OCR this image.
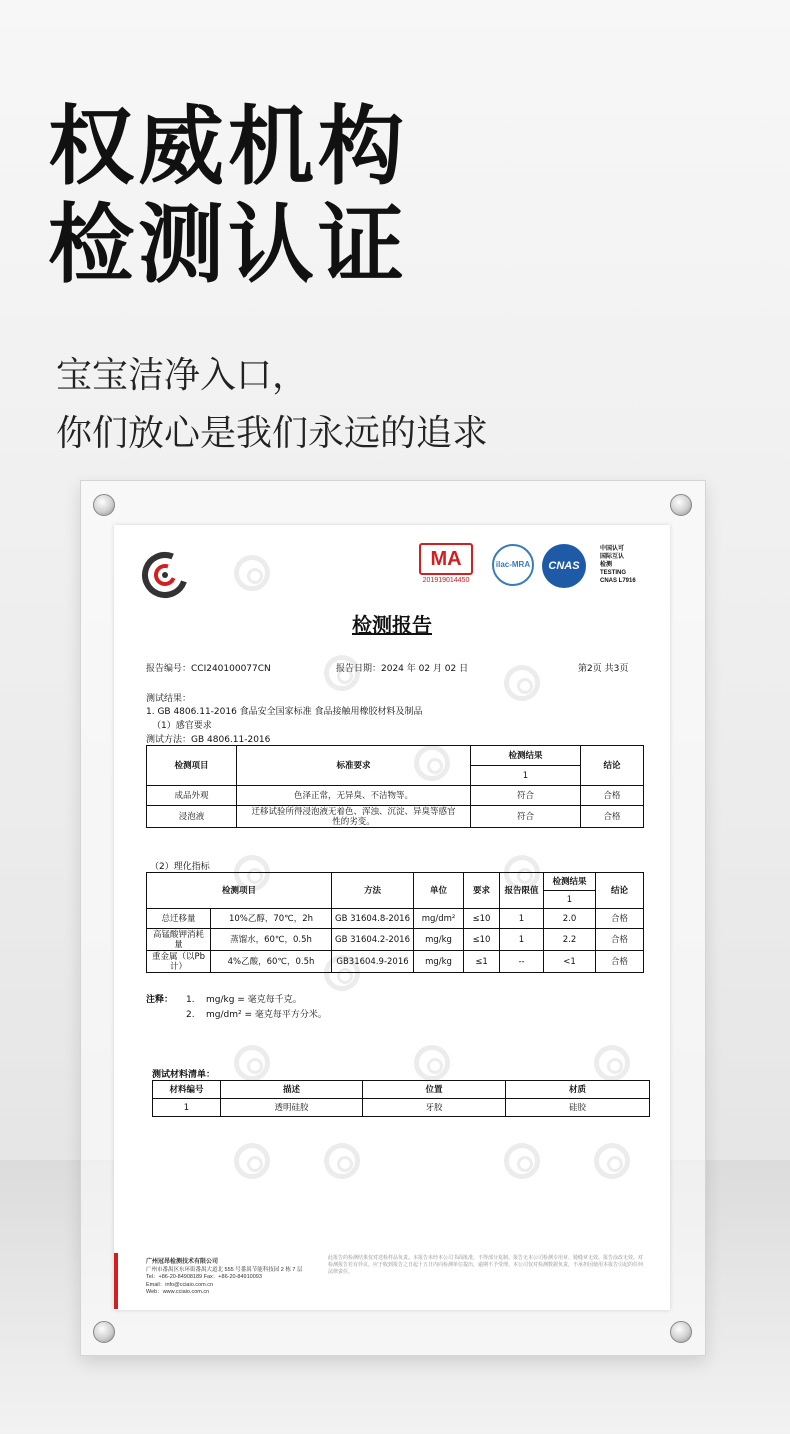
权威机构
检测认证
宝宝洁净入口，
你们放心是我们永远的追求
MA
201919014450
ilac-MRA	CNAS
中国认可
国际互认
检测
TESTING
CNAS L7916
检测报告
报告编号：CCI240100077CN	报告日期：2024 年 02 月 02 日	第2页 共3页
测试结果：
1. GB 4806.11-2016 食品安全国家标准 食品接触用橡胶材料及制品
（1）感官要求
测试方法：GB 4806.11-2016
检测项目	标准要求	检测结果	结论
		1	
成品外观	色泽正常，无异臭、不洁物等。	符合	合格
浸泡液	迁移试验所得浸泡液无着色、浑浊、沉淀、异臭等感官性的劣变。	符合	合格
（2）理化指标
检测项目		方法	单位	要求	报告限值	检测结果	结论
						1	
总迁移量	10%乙醇，70℃，2h	GB 31604.8-2016	mg/dm²	≤10	1	2.0	合格
高锰酸钾消耗量	蒸馏水，60℃，0.5h	GB 31604.2-2016	mg/kg	≤10	1	2.2	合格
重金属（以Pb计）	4%乙酸，60℃，0.5h	GB31604.9-2016	mg/kg	≤1	--	<1	合格
注释： 1. mg/kg = 毫克每千克。
2. mg/dm² = 毫克每平方分米。
测试材料清单：
材料编号	描述	位置	材质
1	透明硅胶	牙胶	硅胶
广州冠昂检测技术有限公司
广州市番禺区东环街番禺大道北 555 号番禺节能科技园 2 栋 7 层
Tel：+86-20-84908189 Fax：+86-20-84910093
Email：info@cciaio.com.cn
Web：www.cciaio.com.cn
此报告的检测结果仅对送检样品负责。本报告未经本公司书面批准，不得部分复制。报告无本公司检测专用章、骑缝章无效。报告涂改无效。对检测报告若有异议，应于收到报告之日起十五日内向检测单位提出，逾期不予受理。本公司仅对检测数据负责，不承担因使用本报告引起的任何法律责任。
